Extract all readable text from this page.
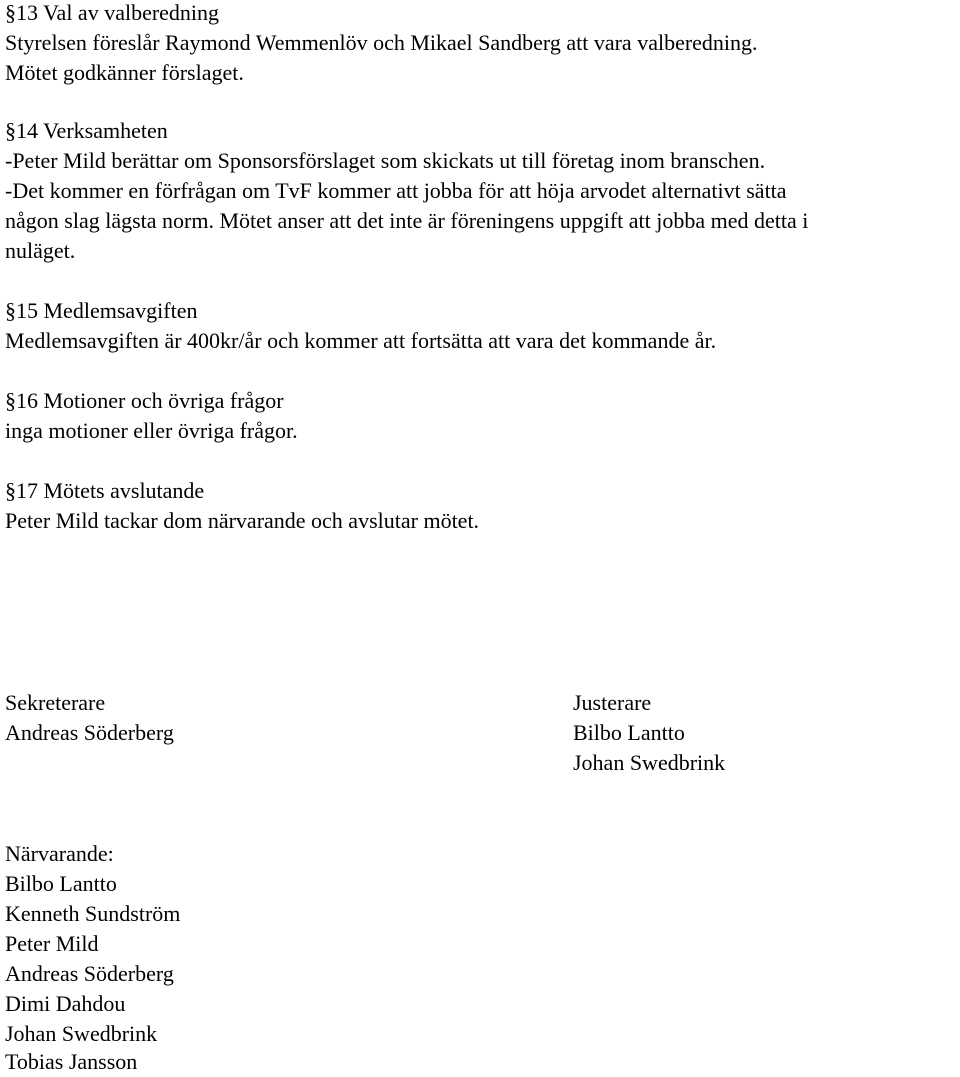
§13 Val av valberedning
Styrelsen föreslår Raymond Wemmenlöv och Mikael Sandberg att vara valberedning.
Mötet godkänner förslaget.
§14 Verksamheten
-Peter Mild berättar om Sponsorsförslaget som skickats ut till företag inom branschen.
-Det kommer en förfrågan om TvF kommer att jobba för att höja arvodet alternativt sätta
någon slag lägsta norm. Mötet anser att det inte är föreningens uppgift att jobba med detta i
nuläget.
§15 Medlemsavgiften
Medlemsavgiften är 400kr/år och kommer att fortsätta att vara det kommande år.
§16 Motioner och övriga frågor
inga motioner eller övriga frågor.
§17 Mötets avslutande
Peter Mild tackar dom närvarande och avslutar mötet.
Sekreterare
Andreas Söderberg
Justerare
Bilbo Lantto
Johan Swedbrink
Närvarande:
Bilbo Lantto
Kenneth Sundström
Peter Mild
Andreas Söderberg
Dimi Dahdou
Johan Swedbrink
Tobias Jansson
